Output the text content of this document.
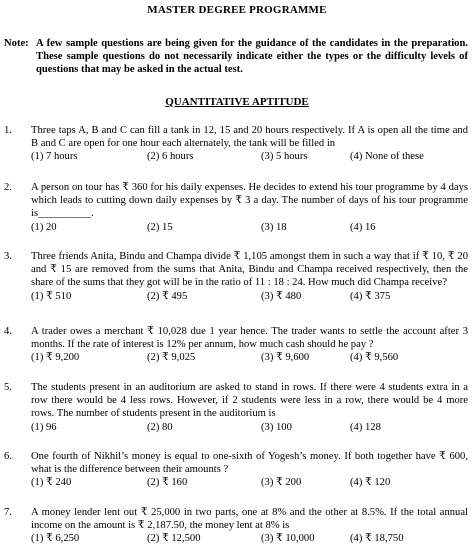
MASTER DEGREE PROGRAMME
Note: A few sample questions are being given for the guidance of the candidates in the preparation. These sample questions do not necessarily indicate either the types or the difficulty levels of questions that may be asked in the actual test.

QUANTITATIVE APTITUDE
1. Three taps A, B and C can fill a tank in 12, 15 and 20 hours respectively. If A is open all the time and B and C are open for one hour each alternately, the tank will be filled in
(1) 7 hours	(2) 6 hours	(3) 5 hours	(4) None of these
2. A person on tour has ₹ 360 for his daily expenses. He decides to extend his tour programme by 4 days which leads to cutting down daily expenses by ₹ 3 a day. The number of days of his tour programme is__________.
(1) 20	(2) 15	(3) 18	(4) 16
3. Three friends Anita, Bindu and Champa divide ₹ 1,105 amongst them in such a way that if ₹ 10, ₹ 20 and ₹ 15 are removed from the sums that Anita, Bindu and Champa received respectively, then the share of the sums that they got will be in the ratio of 11 : 18 : 24. How much did Champa receive?
(1) ₹ 510	(2) ₹ 495	(3) ₹ 480	(4) ₹ 375
4. A trader owes a merchant ₹ 10,028 due 1 year hence. The trader wants to settle the account after 3 months. If the rate of interest is 12% per annum, how much cash should he pay ?
(1) ₹ 9,200	(2) ₹ 9,025	(3) ₹ 9,600	(4) ₹ 9,560
5. The students present in an auditorium are asked to stand in rows. If there were 4 students extra in a row there would be 4 less rows. However, if 2 students were less in a row, there would be 4 more rows. The number of students present in the auditorium is
(1) 96	(2) 80	(3) 100	(4) 128
6. One fourth of Nikhil’s money is equal to one-sixth of Yogesh’s money. If both together have ₹ 600, what is the difference between their amounts ?
(1) ₹ 240	(2) ₹ 160	(3) ₹ 200	(4) ₹ 120
7. A money lender lent out ₹ 25,000 in two parts, one at 8% and the other at 8.5%. If the total annual income on the amount is ₹ 2,187.50, the money lent at 8% is
(1) ₹ 6,250	(2) ₹ 12,500	(3) ₹ 10,000	(4) ₹ 18,750
